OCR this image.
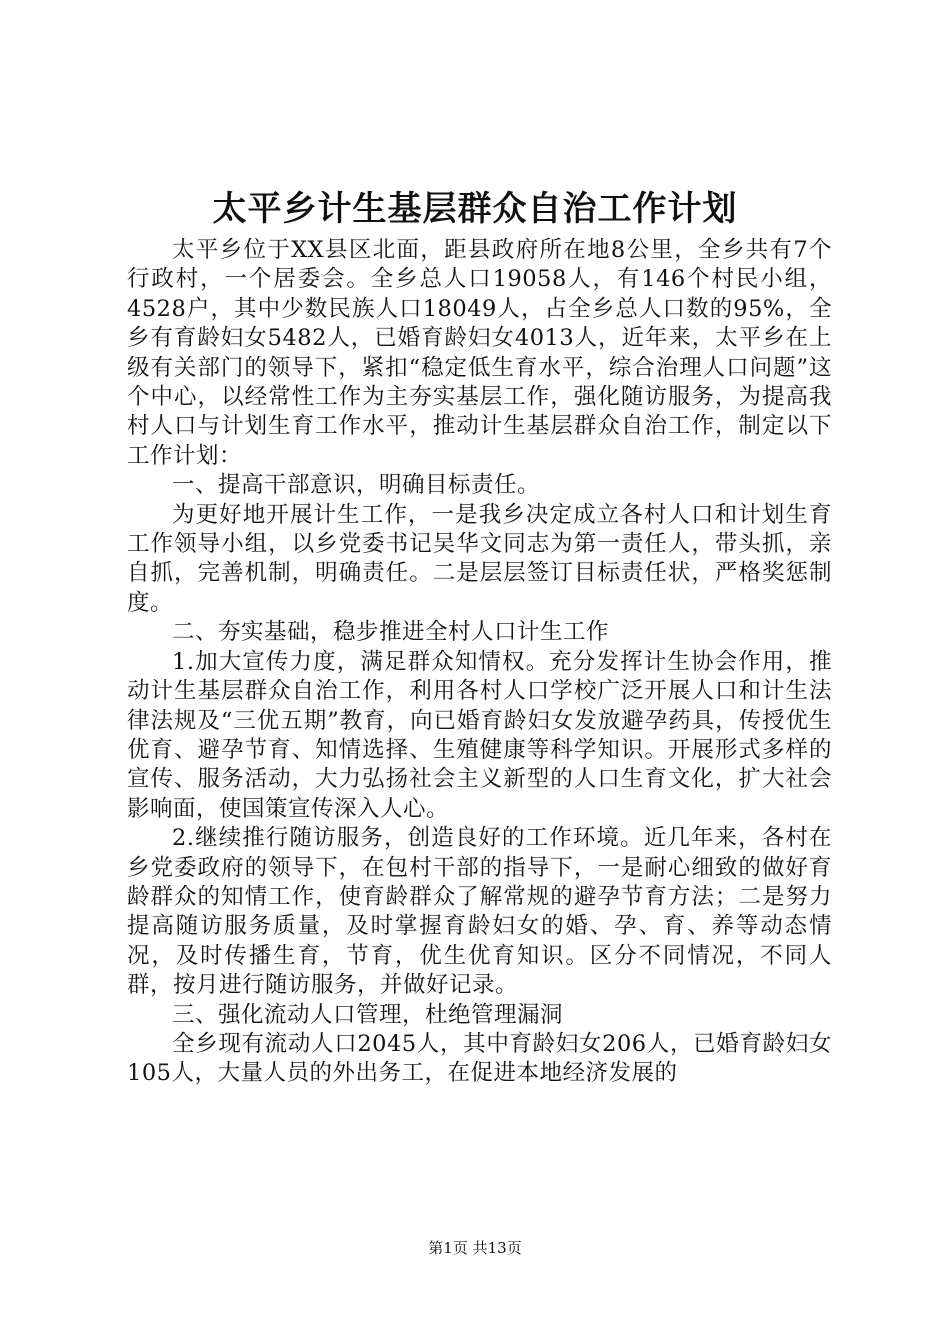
太平乡计生基层群众自治工作计划

太平乡位于XX县区北面，距县政府所在地8公里，全乡共有7个行政村，一个居委会。全乡总人口19058人，有146个村民小组，4528户，其中少数民族人口18049人，占全乡总人口数的95%，全乡有育龄妇女5482人，已婚育龄妇女4013人，近年来，太平乡在上级有关部门的领导下，紧扣“稳定低生育水平，综合治理人口问题”这个中心，以经常性工作为主夯实基层工作，强化随访服务，为提高我村人口与计划生育工作水平，推动计生基层群众自治工作，制定以下工作计划：

一、提高干部意识，明确目标责任。

为更好地开展计生工作，一是我乡决定成立各村人口和计划生育工作领导小组，以乡党委书记吴华文同志为第一责任人，带头抓，亲自抓，完善机制，明确责任。二是层层签订目标责任状，严格奖惩制度。

二、夯实基础，稳步推进全村人口计生工作

1.加大宣传力度，满足群众知情权。充分发挥计生协会作用，推动计生基层群众自治工作，利用各村人口学校广泛开展人口和计生法律法规及“三优五期”教育，向已婚育龄妇女发放避孕药具，传授优生优育、避孕节育、知情选择、生殖健康等科学知识。开展形式多样的宣传、服务活动，大力弘扬社会主义新型的人口生育文化，扩大社会影响面，使国策宣传深入人心。

2.继续推行随访服务，创造良好的工作环境。近几年来，各村在乡党委政府的领导下，在包村干部的指导下，一是耐心细致的做好育龄群众的知情工作，使育龄群众了解常规的避孕节育方法；二是努力提高随访服务质量，及时掌握育龄妇女的婚、孕、育、养等动态情况，及时传播生育，节育，优生优育知识。区分不同情况，不同人群，按月进行随访服务，并做好记录。

三、强化流动人口管理，杜绝管理漏洞

全乡现有流动人口2045人，其中育龄妇女206人，已婚育龄妇女105人，大量人员的外出务工，在促进本地经济发展的

第1页 共13页
